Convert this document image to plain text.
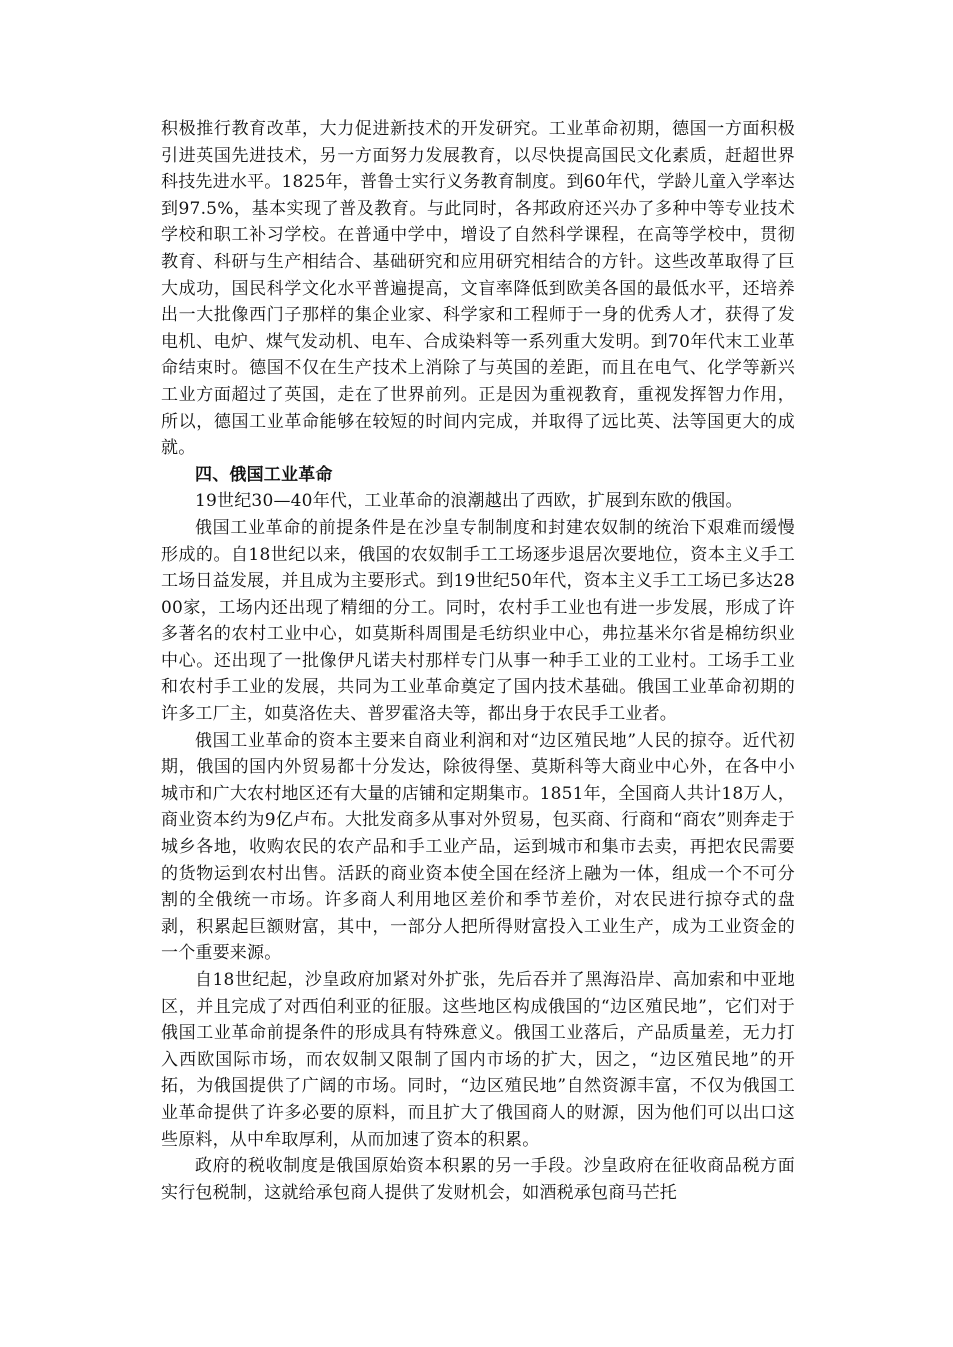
积极推行教育改革，大力促进新技术的开发研究。工业革命初期，德国一方面积极引进英国先进技术，另一方面努力发展教育，以尽快提高国民文化素质，赶超世界科技先进水平。1825年，普鲁士实行义务教育制度。到60年代，学龄儿童入学率达到97.5%，基本实现了普及教育。与此同时，各邦政府还兴办了多种中等专业技术学校和职工补习学校。在普通中学中，增设了自然科学课程，在高等学校中，贯彻教育、科研与生产相结合、基础研究和应用研究相结合的方针。这些改革取得了巨大成功，国民科学文化水平普遍提高，文盲率降低到欧美各国的最低水平，还培养出一大批像西门子那样的集企业家、科学家和工程师于一身的优秀人才，获得了发电机、电炉、煤气发动机、电车、合成染料等一系列重大发明。到70年代末工业革命结束时。德国不仅在生产技术上消除了与英国的差距，而且在电气、化学等新兴工业方面超过了英国，走在了世界前列。正是因为重视教育，重视发挥智力作用，所以，德国工业革命能够在较短的时间内完成，并取得了远比英、法等国更大的成就。

四、俄国工业革命

19世纪30—40年代，工业革命的浪潮越出了西欧，扩展到东欧的俄国。

俄国工业革命的前提条件是在沙皇专制制度和封建农奴制的统治下艰难而缓慢形成的。自18世纪以来，俄国的农奴制手工工场逐步退居次要地位，资本主义手工工场日益发展，并且成为主要形式。到19世纪50年代，资本主义手工工场已多达2800家，工场内还出现了精细的分工。同时，农村手工业也有进一步发展，形成了许多著名的农村工业中心，如莫斯科周围是毛纺织业中心，弗拉基米尔省是棉纺织业中心。还出现了一批像伊凡诺夫村那样专门从事一种手工业的工业村。工场手工业和农村手工业的发展，共同为工业革命奠定了国内技术基础。俄国工业革命初期的许多工厂主，如莫洛佐夫、普罗霍洛夫等，都出身于农民手工业者。

俄国工业革命的资本主要来自商业利润和对“边区殖民地”人民的掠夺。近代初期，俄国的国内外贸易都十分发达，除彼得堡、莫斯科等大商业中心外，在各中小城市和广大农村地区还有大量的店铺和定期集市。1851年，全国商人共计18万人，商业资本约为9亿卢布。大批发商多从事对外贸易，包买商、行商和“商农”则奔走于城乡各地，收购农民的农产品和手工业产品，运到城市和集市去卖，再把农民需要的货物运到农村出售。活跃的商业资本使全国在经济上融为一体，组成一个不可分割的全俄统一市场。许多商人利用地区差价和季节差价，对农民进行掠夺式的盘剥，积累起巨额财富，其中，一部分人把所得财富投入工业生产，成为工业资金的一个重要来源。

自18世纪起，沙皇政府加紧对外扩张，先后吞并了黑海沿岸、高加索和中亚地区，并且完成了对西伯利亚的征服。这些地区构成俄国的“边区殖民地”，它们对于俄国工业革命前提条件的形成具有特殊意义。俄国工业落后，产品质量差，无力打入西欧国际市场，而农奴制又限制了国内市场的扩大，因之，“边区殖民地”的开拓，为俄国提供了广阔的市场。同时，“边区殖民地”自然资源丰富，不仅为俄国工业革命提供了许多必要的原料，而且扩大了俄国商人的财源，因为他们可以出口这些原料，从中牟取厚利，从而加速了资本的积累。

政府的税收制度是俄国原始资本积累的另一手段。沙皇政府在征收商品税方面实行包税制，这就给承包商人提供了发财机会，如酒税承包商马芒托
